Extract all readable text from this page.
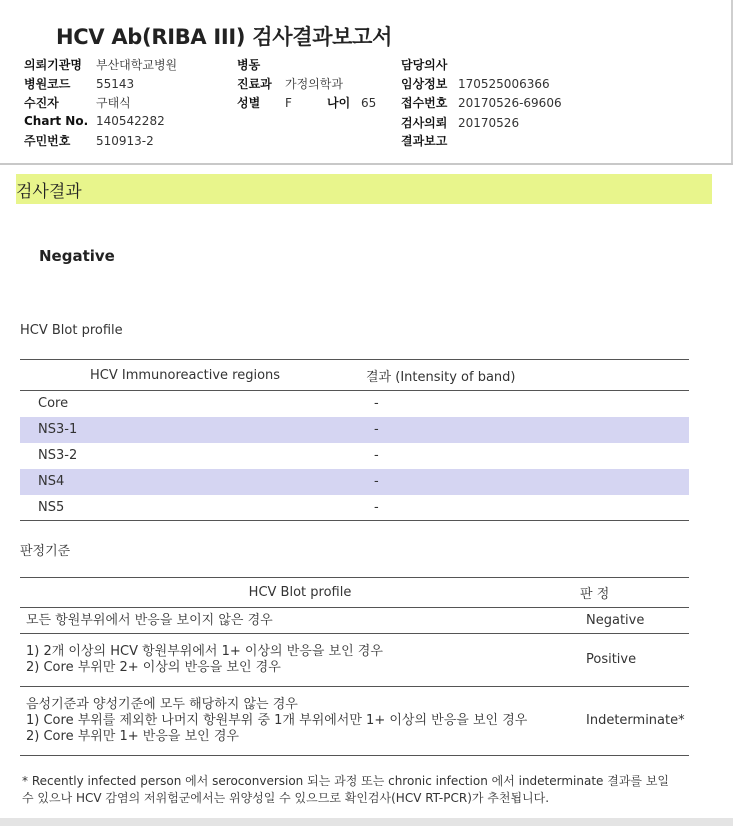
HCV Ab(RIBA III) 검사결과보고서
의뢰기관명 부산대학교병원
병원코드 55143
수진자	구태식
Chart No. 140542282
주민번호 510913-2
병동
진료과 가정의학과
성별 F	나이 65
담당의사
임상정보 170525006366
접수번호 20170526-69606
검사의뢰 20170526
결과보고
검사결과
Negative
HCV Blot profile
HCV Immunoreactive regions	결과 (Intensity of band)
Core	-
NS3-1	-
NS3-2	-
NS4	-
NS5	-
판정기준
HCV Blot profile	판 정

모든 항원부위에서 반응을 보이지 않은 경우	Negative

1) 2개 이상의 HCV 항원부위에서 1+ 이상의 반응을 보인 경우
2) Core 부위만 2+ 이상의 반응을 보인 경우	Positive

음성기준과 양성기준에 모두 해당하지 않는 경우
1) Core 부위를 제외한 나머지 항원부위 중 1개 부위에서만 1+ 이상의 반응을 보인 경우
2) Core 부위만 1+ 반응을 보인 경우	Indeterminate*
* Recently infected person 에서 seroconversion 되는 과정 또는 chronic infection 에서 indeterminate 결과를 보일
수 있으나 HCV 감염의 저위험군에서는 위양성일 수 있으므로 확인검사(HCV RT-PCR)가 추천됩니다.
